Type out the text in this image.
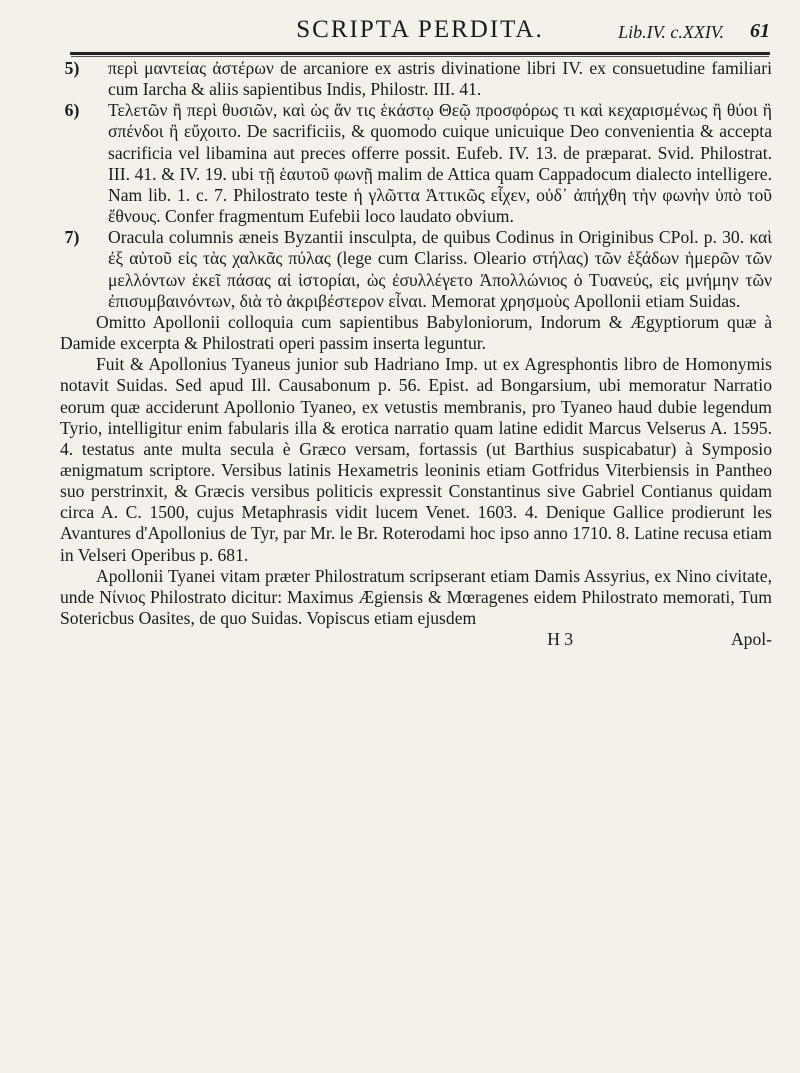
SCRIPTA PERDITA.	Lib.IV. c.XXIV. 61
5) περὶ μαντείας ἀστέρων de arcaniore ex astris divinatione libri IV. ex consuetudine familiari cum Iarcha & aliis sapientibus Indis, Philostr. III. 41.
6) Τελετῶν ἢ περὶ θυσιῶν, καὶ ὡς ἄν τις ἑκάστῳ Θεῷ προσφόρως τι καὶ κεχαρισμένως ἢ θύοι ἢ σπένδοι ἢ εὔχοιτο. De sacrificiis, & quomodo cuique unicuique Deo convenientia & accepta sacrificia vel libamina aut preces offerre possit. Eufeb. IV. 13. de præparat. Svid. Philostrat. III. 41. & IV. 19. ubi τῇ ἑαυτοῦ φωνῇ malim de Attica quam Cappadocum dialecto intelligere. Nam lib. 1. c. 7. Philostrato teste ἡ γλῶττα Ἀττικῶς εἶχεν, οὐδ᾽ ἀπήχθη τὴν φωνὴν ὑπὸ τοῦ ἔθνους. Confer fragmentum Eufebii loco laudato obvium.
7) Oracula columnis æneis Byzantii insculpta, de quibus Codinus in Originibus CPol. p. 30. καὶ ἐξ αὐτοῦ εἰς τὰς χαλκᾶς πύλας (lege cum Clariss. Oleario στήλας) τῶν ἑξάδων ἡμερῶν τῶν μελλόντων ἐκεῖ πάσας αἱ ἱστορίαι, ὡς ἐσυλλέγετο Ἀπολλώνιος ὁ Τυανεύς, εἰς μνήμην τῶν ἐπισυμβαινόντων, διὰ τὸ ἀκριβέστερον εἶναι. Memorat χρησμοὺς Apollonii etiam Suidas.

Omitto Apollonii colloquia cum sapientibus Babyloniorum, Indorum & Ægyptiorum quæ à Damide excerpta & Philostrati operi passim inserta leguntur.

Fuit & Apollonius Tyaneus junior sub Hadriano Imp. ut ex Agresphontis libro de Homonymis notavit Suidas. Sed apud Ill. Causabonum p. 56. Epist. ad Bongarsium, ubi memoratur Narratio eorum quæ acciderunt Apollonio Tyaneo, ex vetustis membranis, pro Tyaneo haud dubie legendum Tyrio, intelligitur enim fabularis illa & erotica narratio quam latine edidit Marcus Velserus A. 1595. 4. testatus ante multa secula è Græco versam, fortassis (ut Barthius suspicabatur) à Symposio ænigmatum scriptore. Versibus latinis Hexametris leoninis etiam Gotfridus Viterbiensis in Pantheo suo perstrinxit, & Græcis versibus politicis expressit Constantinus sive Gabriel Contianus quidam circa A. C. 1500, cujus Metaphrasis vidit lucem Venet. 1603. 4. Denique Gallice prodierunt les Avantures d'Apollonius de Tyr, par Mr. le Br. Roterodami hoc ipso anno 1710. 8. Latine recusa etiam in Velseri Operibus p. 681.

Apollonii Tyanei vitam præter Philostratum scripserant etiam Damis Assyrius, ex Nino civitate, unde Νίνιος Philostrato dicitur: Maximus Ægiensis & Mœragenes eidem Philostrato memorati, Tum Sotericbus Oasites, de quo Suidas. Vopiscus etiam ejusdem

H 3	Apol-
